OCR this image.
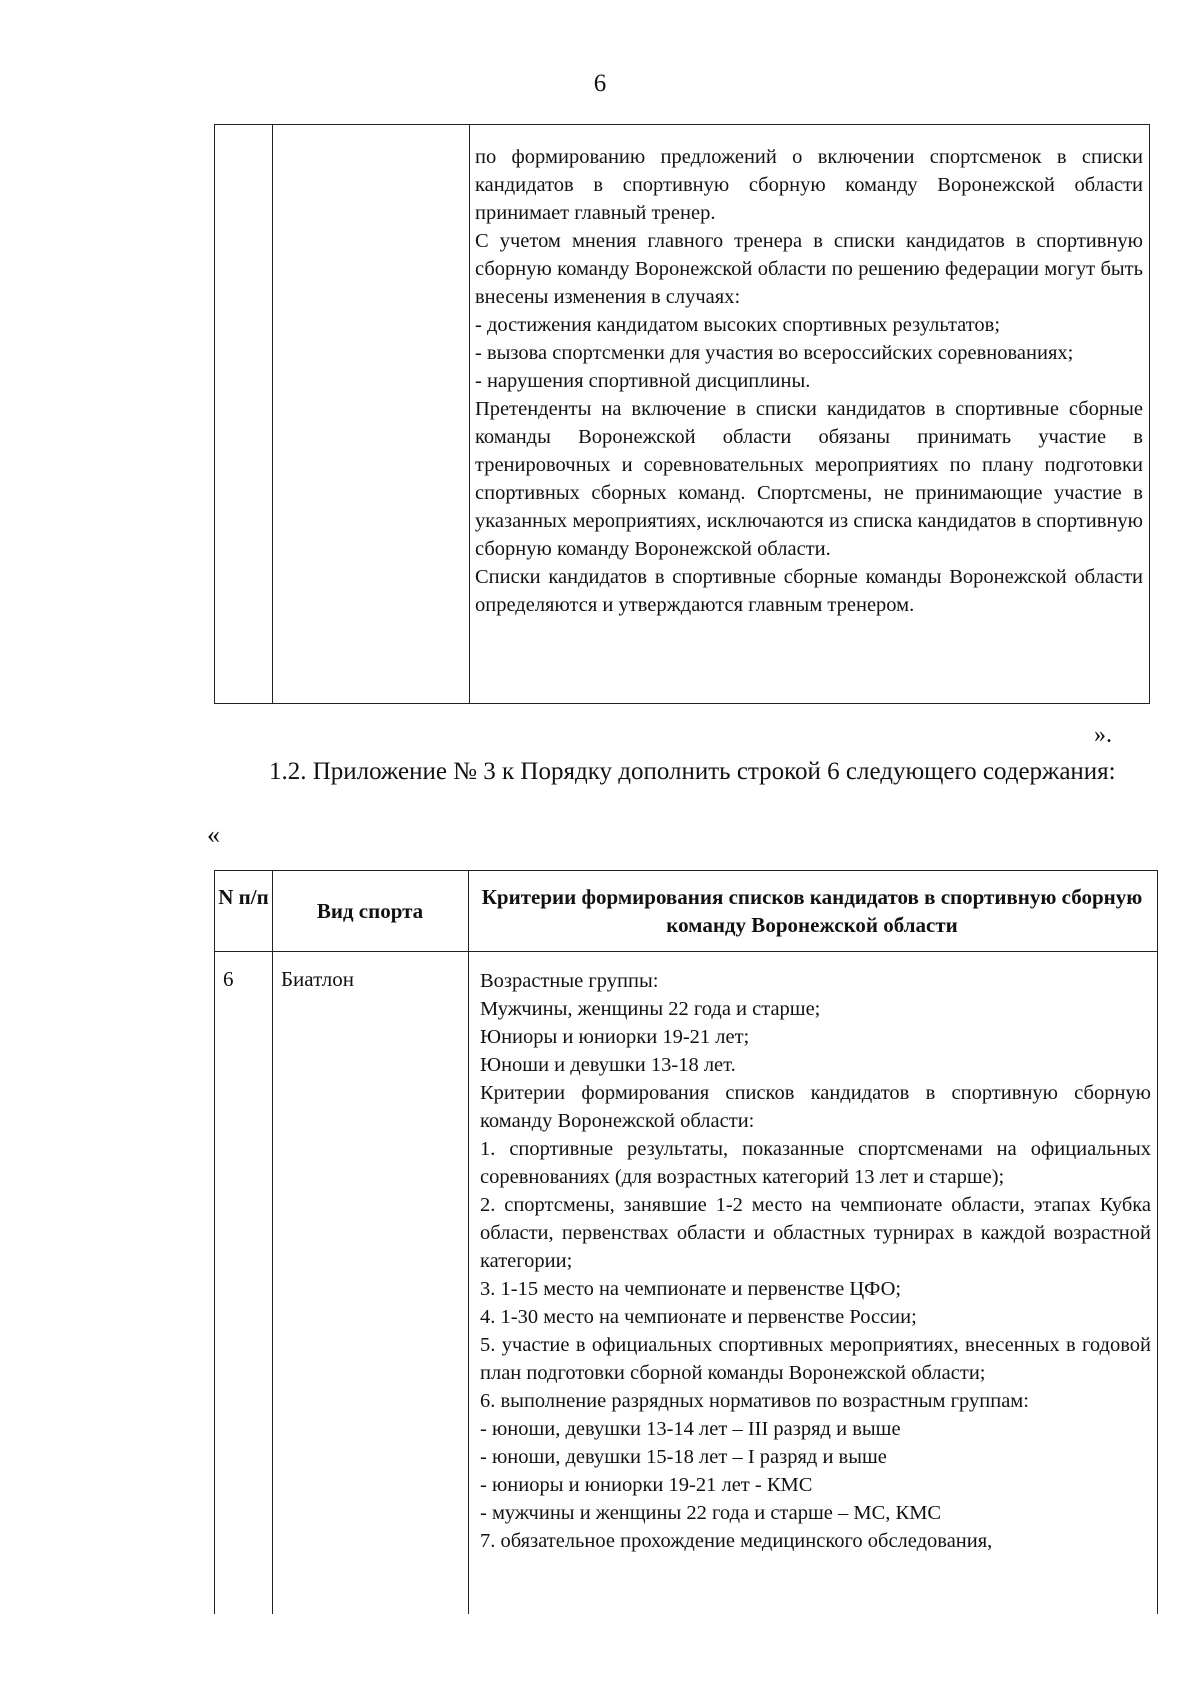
6

по формированию предложений о включении спортсменок в списки кандидатов в спортивную сборную команду Воронежской области принимает главный тренер.

С учетом мнения главного тренера в списки кандидатов в спортивную сборную команду Воронежской области по решению федерации могут быть внесены изменения в случаях:

- достижения кандидатом высоких спортивных результатов;

- вызова спортсменки для участия во всероссийских соревнованиях;

- нарушения спортивной дисциплины.

Претенденты на включение в списки кандидатов в спортивные сборные команды Воронежской области обязаны принимать участие в тренировочных и соревновательных мероприятиях по плану подготовки спортивных сборных команд. Спортсмены, не принимающие участие в указанных мероприятиях, исключаются из списка кандидатов в спортивную сборную команду Воронежской области.

Списки кандидатов в спортивные сборные команды Воронежской области определяются и утверждаются главным тренером.

».

1.2. Приложение № 3 к Порядку дополнить строкой 6 следующего содержания:

«
N п/п
Вид спорта
Критерии формирования списков кандидатов в спортивную сборную команду Воронежской области
6 Биатлон	Возрастные группы:
Мужчины, женщины 22 года и старше;
Юниоры и юниорки 19-21 лет;
Юноши и девушки 13-18 лет.
Критерии формирования списков кандидатов в спортивную сборную команду Воронежской области:
1. спортивные результаты, показанные спортсменами на официальных соревнованиях (для возрастных категорий 13 лет и старше);
2. спортсмены, занявшие 1-2 место на чемпионате области, этапах Кубка области, первенствах области и областных турнирах в каждой возрастной категории;
3. 1-15 место на чемпионате и первенстве ЦФО;
4. 1-30 место на чемпионате и первенстве России;
5. участие в официальных спортивных мероприятиях, внесенных в годовой план подготовки сборной команды Воронежской области;
6. выполнение разрядных нормативов по возрастным группам:
- юноши, девушки 13-14 лет – III разряд и выше
- юноши, девушки 15-18 лет – I разряд и выше
- юниоры и юниорки 19-21 лет - КМС
- мужчины и женщины 22 года и старше – МС, КМС
7. обязательное прохождение медицинского обследования,
